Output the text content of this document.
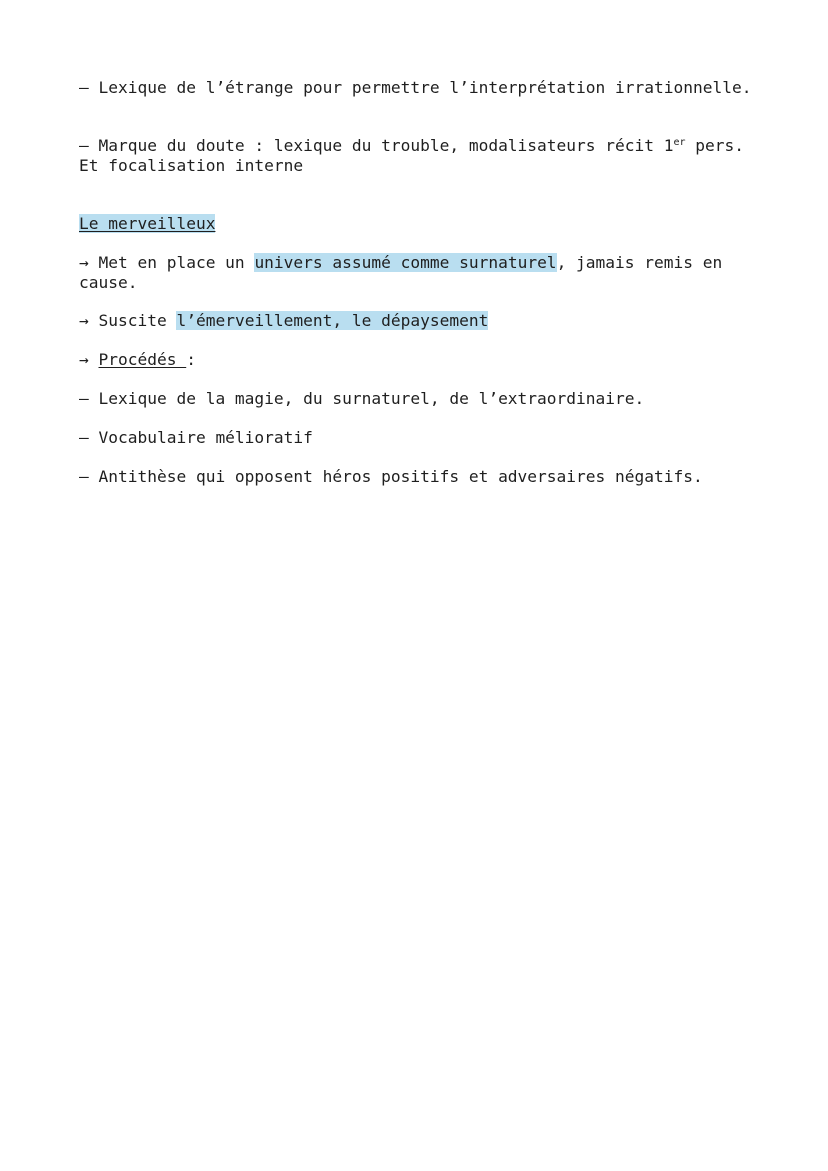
– Lexique de l’étrange pour permettre l’interprétation irrationnelle.

– Marque du doute : lexique du trouble, modalisateurs récit 1er pers. Et focalisation interne

Le merveilleux

→ Met en place un univers assumé comme surnaturel, jamais remis en cause.

→ Suscite l’émerveillement, le dépaysement

→ Procédés :

– Lexique de la magie, du surnaturel, de l’extraordinaire.

– Vocabulaire mélioratif

– Antithèse qui opposent héros positifs et adversaires négatifs.
